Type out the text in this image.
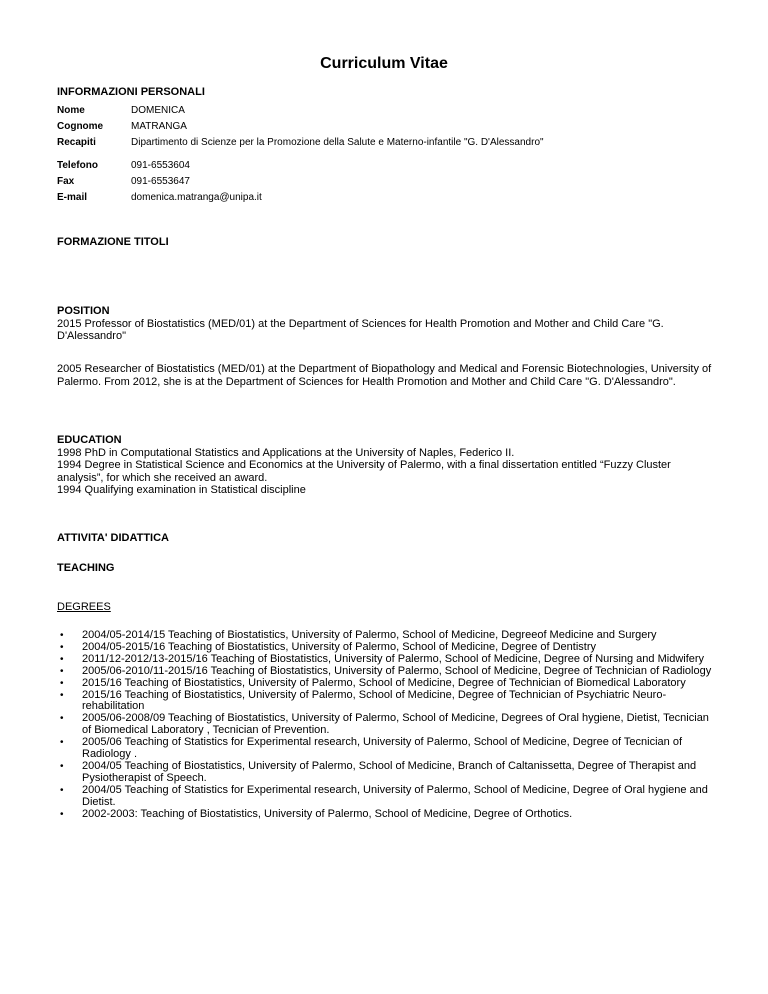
Curriculum Vitae
INFORMAZIONI PERSONALI
Nome	DOMENICA
Cognome	MATRANGA
Recapiti	Dipartimento di Scienze per la Promozione della Salute e Materno-infantile "G. D'Alessandro"
Telefono	091-6553604
Fax	091-6553647
E-mail	domenica.matranga@unipa.it
FORMAZIONE TITOLI

POSITION

2015 Professor of Biostatistics (MED/01) at the Department of Sciences for Health Promotion and Mother and Child Care "G. D'Alessandro"

2005 Researcher of Biostatistics (MED/01) at the Department of Biopathology and Medical and Forensic Biotechnologies, University of Palermo. From 2012, she is at the Department of Sciences for Health Promotion and Mother and Child Care "G. D'Alessandro".

EDUCATION

1998 PhD in Computational Statistics and Applications at the University of Naples, Federico II.

1994 Degree in Statistical Science and Economics at the University of Palermo, with a final dissertation entitled “Fuzzy Cluster analysis”, for which she received an award.

1994 Qualifying examination in Statistical discipline

ATTIVITA' DIDATTICA
TEACHING
DEGREES
• 2004/05-2014/15 Teaching of Biostatistics, University of Palermo, School of Medicine, Degreeof Medicine and Surgery
• 2004/05-2015/16 Teaching of Biostatistics, University of Palermo, School of Medicine, Degree of Dentistry
• 2011/12-2012/13-2015/16 Teaching of Biostatistics, University of Palermo, School of Medicine, Degree of Nursing and Midwifery
• 2005/06-2010/11-2015/16 Teaching of Biostatistics, University of Palermo, School of Medicine, Degree of Technician of Radiology
• 2015/16 Teaching of Biostatistics, University of Palermo, School of Medicine, Degree of Technician of Biomedical Laboratory
• 2015/16 Teaching of Biostatistics, University of Palermo, School of Medicine, Degree of Technician of Psychiatric Neuro-rehabilitation
• 2005/06-2008/09 Teaching of Biostatistics, University of Palermo, School of Medicine, Degrees of Oral hygiene, Dietist, Tecnician of Biomedical Laboratory , Tecnician of Prevention.
• 2005/06 Teaching of Statistics for Experimental research, University of Palermo, School of Medicine, Degree of Tecnician of Radiology .
• 2004/05 Teaching of Biostatistics, University of Palermo, School of Medicine, Branch of Caltanissetta, Degree of Therapist and Pysiotherapist of Speech.
• 2004/05 Teaching of Statistics for Experimental research, University of Palermo, School of Medicine, Degree of Oral hygiene and Dietist.
• 2002-2003: Teaching of Biostatistics, University of Palermo, School of Medicine, Degree of Orthotics.
